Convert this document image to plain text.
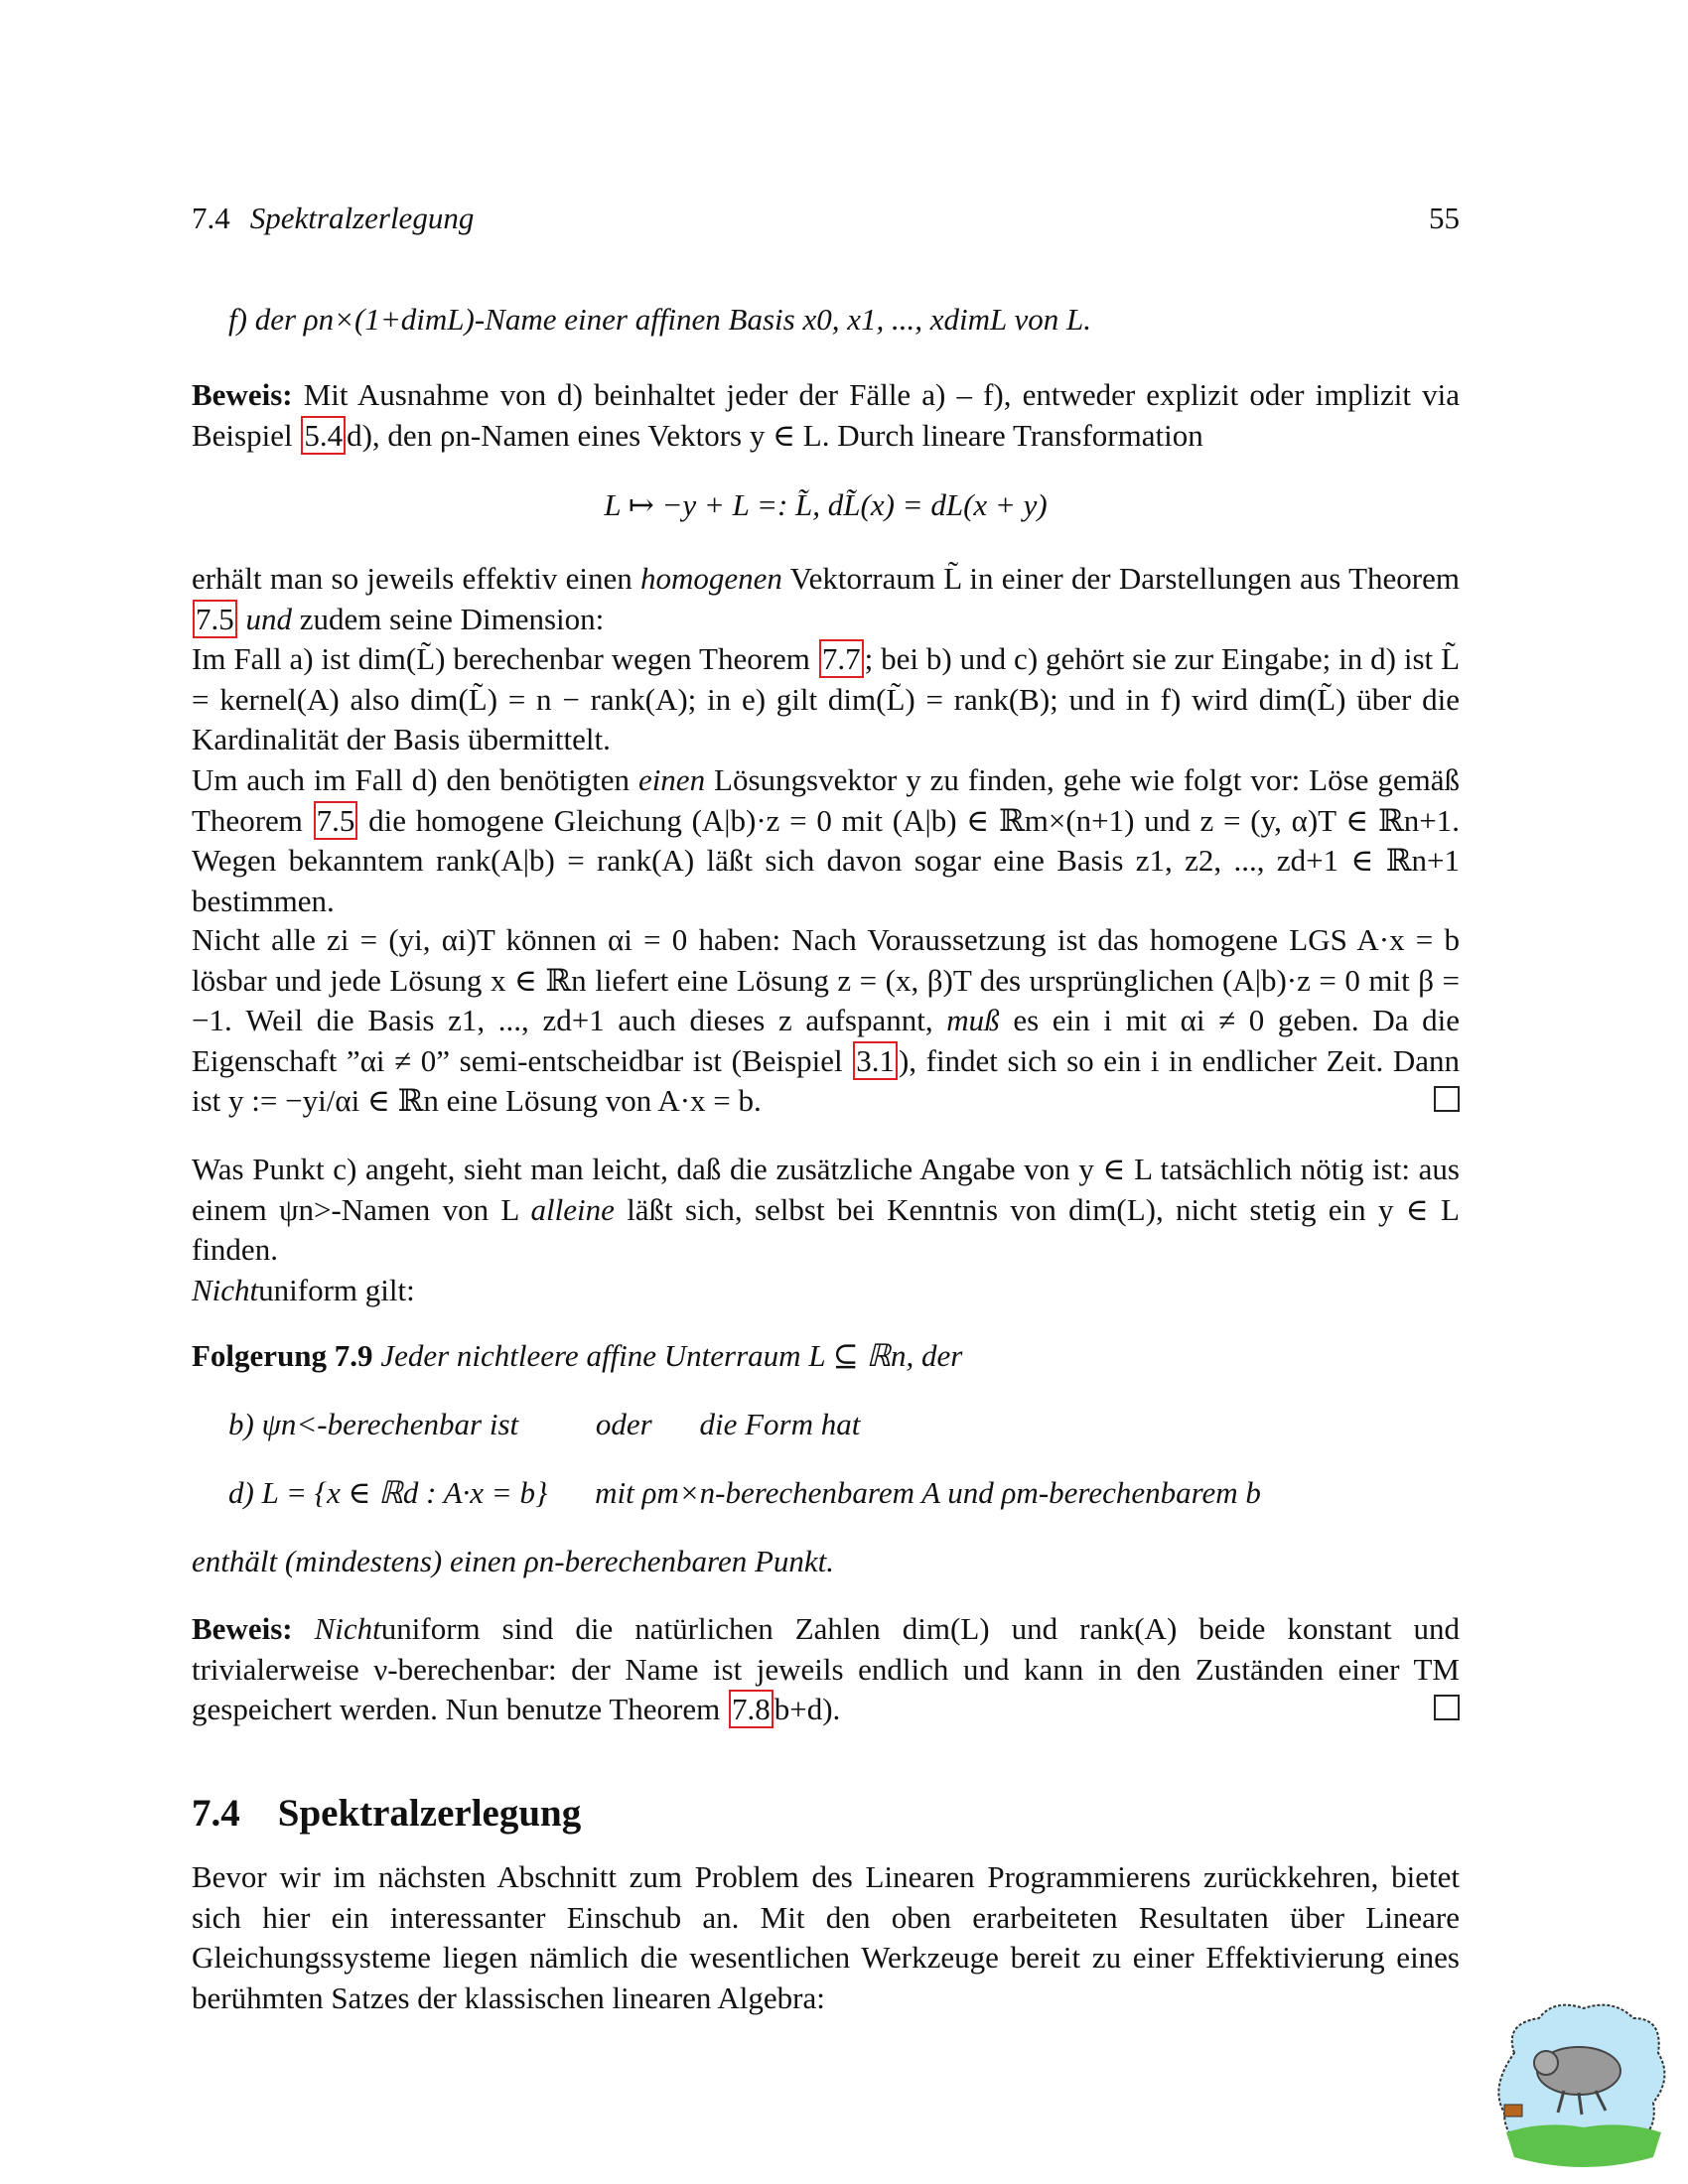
7.4 Spektralzerlegung	55
f) der ρn×(1+dimL)-Name einer affinen Basis x0, x1, ..., xdimL von L.
Beweis: Mit Ausnahme von d) beinhaltet jeder der Fälle a) – f), entweder explizit oder implizit via Beispiel 5.4 d), den ρn-Namen eines Vektors y ∈ L. Durch lineare Transformation
L ↦ −y + L =: L̃, dL̃(x) = dL(x + y)
erhält man so jeweils effektiv einen homogenen Vektorraum L̃ in einer der Darstellungen aus Theorem 7.5 und zudem seine Dimension:
Im Fall a) ist dim(L̃) berechenbar wegen Theorem 7.7 ; bei b) und c) gehört sie zur Eingabe; in d) ist L̃ = kernel(A) also dim(L̃) = n − rank(A); in e) gilt dim(L̃) = rank(B); und in f) wird dim(L̃) über die Kardinalität der Basis übermittelt.
Um auch im Fall d) den benötigten einen Lösungsvektor y zu finden, gehe wie folgt vor: Löse gemäß Theorem 7.5 die homogene Gleichung (A|b)·z = 0 mit (A|b) ∈ ℝm×(n+1) und z = (y, α)T ∈ ℝn+1. Wegen bekanntem rank(A|b) = rank(A) läßt sich davon sogar eine Basis z1, z2, ..., zd+1 ∈ ℝn+1 bestimmen.
Nicht alle zi = (yi, αi)T können αi = 0 haben: Nach Voraussetzung ist das homogene LGS A·x = b lösbar und jede Lösung x ∈ ℝn liefert eine Lösung z = (x, β)T des ursprünglichen (A|b)·z = 0 mit β = −1. Weil die Basis z1, ..., zd+1 auch dieses z aufspannt, muß es ein i mit αi ≠ 0 geben. Da die Eigenschaft ”αi ≠ 0” semi-entscheidbar ist (Beispiel 3.1 ), findet sich so ein i in endlicher Zeit. Dann ist y := −yi/αi ∈ ℝn eine Lösung von A·x = b.
Was Punkt c) angeht, sieht man leicht, daß die zusätzliche Angabe von y ∈ L tatsächlich nötig ist: aus einem ψn>-Namen von L alleine läßt sich, selbst bei Kenntnis von dim(L), nicht stetig ein y ∈ L finden.
Nichtuniform gilt:
Folgerung 7.9 Jeder nichtleere affine Unterraum L ⊆ ℝn, der
b) ψn<-berechenbar ist	oder die Form hat
d) L = {x ∈ ℝd : A·x = b} mit ρm×n-berechenbarem A und ρm-berechenbarem b
enthält (mindestens) einen ρn-berechenbaren Punkt.
Beweis: Nichtuniform sind die natürlichen Zahlen dim(L) und rank(A) beide konstant und trivialerweise ν-berechenbar: der Name ist jeweils endlich und kann in den Zuständen einer TM gespeichert werden. Nun benutze Theorem 7.8 b+d).
7.4 Spektralzerlegung
Bevor wir im nächsten Abschnitt zum Problem des Linearen Programmierens zurückkehren, bietet sich hier ein interessanter Einschub an. Mit den oben erarbeiteten Resultaten über Lineare Gleichungssysteme liegen nämlich die wesentlichen Werkzeuge bereit zu einer Effektivierung eines berühmten Satzes der klassischen linearen Algebra:
